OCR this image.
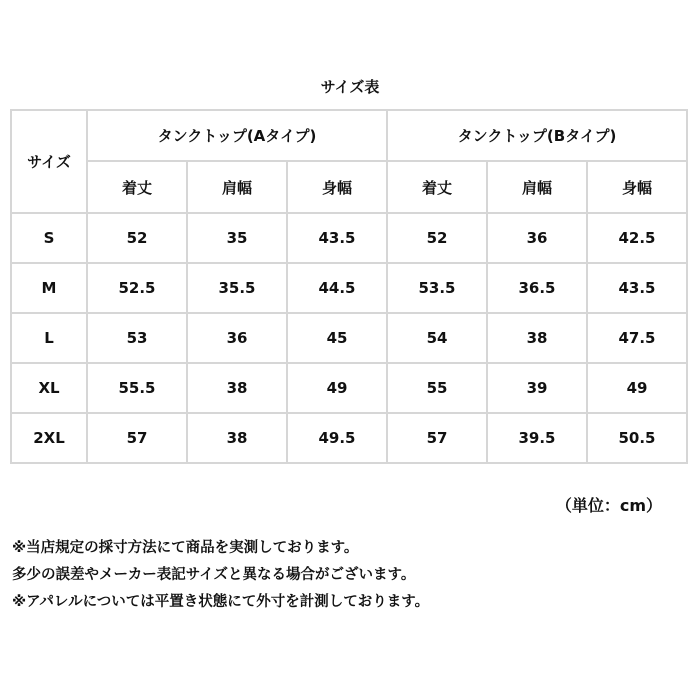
サイズ表
サイズ	タンクトップ(Aタイプ)			タンクトップ(Bタイプ)		
	着丈	肩幅	身幅	着丈	肩幅	身幅
S	52	35	43.5	52	36	42.5
M	52.5	35.5	44.5	53.5	36.5	43.5
L	53	36	45	54	38	47.5
XL	55.5	38	49	55	39	49
2XL	57	38	49.5	57	39.5	50.5
（単位：cm）
※当店規定の採寸方法にて商品を実測しております。
多少の誤差やメーカー表記サイズと異なる場合がございます。
※アパレルについては平置き状態にて外寸を計測しております。
